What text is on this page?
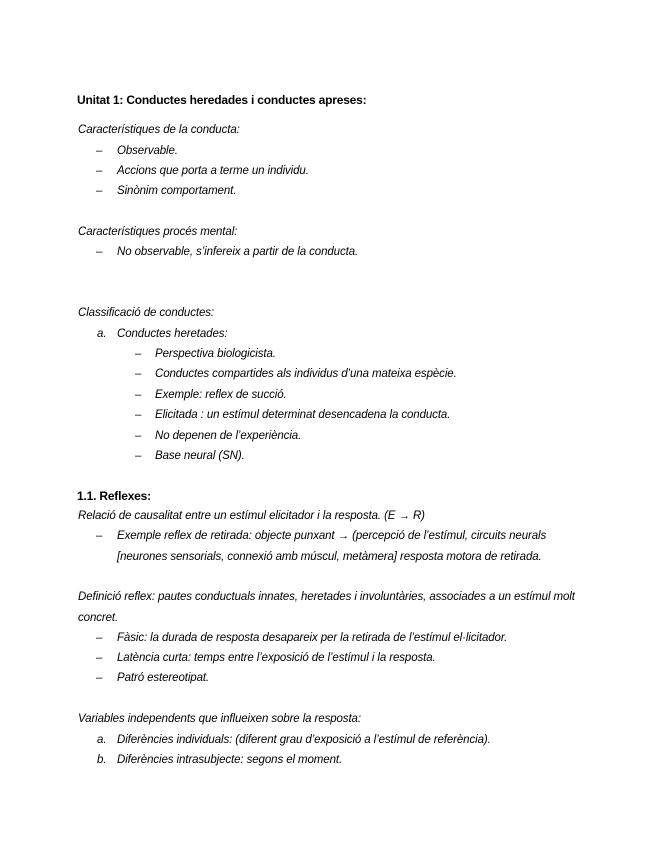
Unitat 1: Conductes heredades i conductes apreses:
Característiques de la conducta:
– Observable.
– Accions que porta a terme un individu.
– Sinònim comportament.
Característiques procés mental:
– No observable, s’infereix a partir de la conducta.
Classificació de conductes:
a. Conductes heretades:
– Perspectiva biologicista.
– Conductes compartides als individus d’una mateixa espècie.
– Exemple: reflex de succió.
– Elicitada : un estímul determinat desencadena la conducta.
– No depenen de l’experiència.
– Base neural (SN).
1.1. Reflexes:
Relació de causalitat entre un estímul elicitador i la resposta. (E → R)
– Exemple reflex de retirada: objecte punxant → (percepció de l’estímul, circuits neurals [neurones sensorials, connexió amb múscul, metàmera] resposta motora de retirada.
Definició reflex: pautes conductuals innates, heretades i involuntàries, associades a un estímul molt concret.
– Fàsic: la durada de resposta desapareix per la retirada de l’estímul el·licitador.
– Latència curta: temps entre l’exposició de l’estímul i la resposta.
– Patró estereotipat.
Variables independents que influeixen sobre la resposta:
a. Diferències individuals: (diferent grau d’exposició a l’estímul de referència).
b. Diferències intrasubjecte: segons el moment.
